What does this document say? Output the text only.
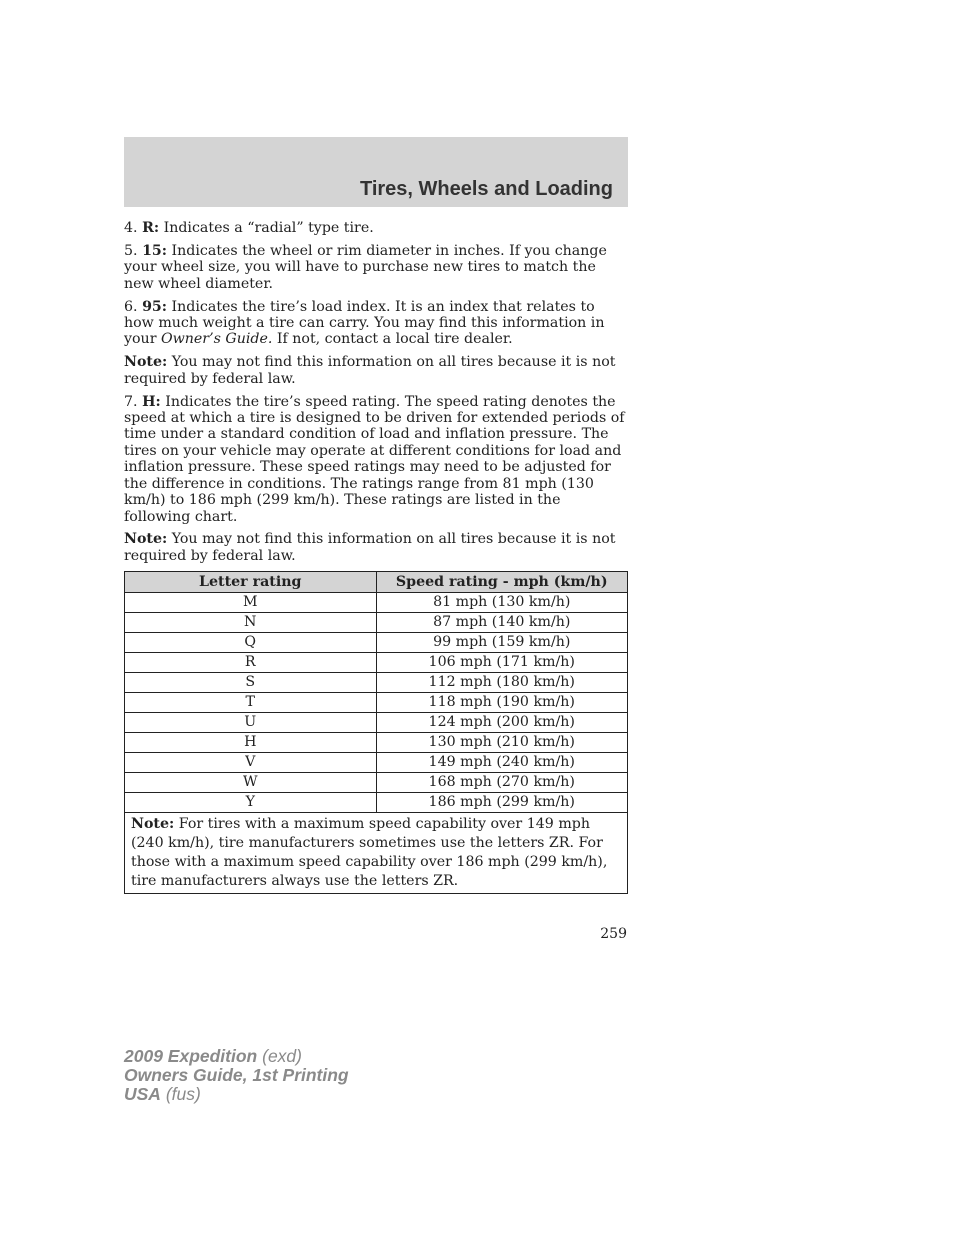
Tires, Wheels and Loading

4. R: Indicates a “radial” type tire.

5. 15: Indicates the wheel or rim diameter in inches. If you change your wheel size, you will have to purchase new tires to match the new wheel diameter.

6. 95: Indicates the tire’s load index. It is an index that relates to how much weight a tire can carry. You may find this information in your Owner’s Guide. If not, contact a local tire dealer.

Note: You may not find this information on all tires because it is not required by federal law.

7. H: Indicates the tire’s speed rating. The speed rating denotes the speed at which a tire is designed to be driven for extended periods of time under a standard condition of load and inflation pressure. The tires on your vehicle may operate at different conditions for load and inflation pressure. These speed ratings may need to be adjusted for the difference in conditions. The ratings range from 81 mph (130 km/h) to 186 mph (299 km/h). These ratings are listed in the following chart.

Note: You may not find this information on all tires because it is not required by federal law.

Letter rating	Speed rating - mph (km/h)
M	81 mph (130 km/h)
N	87 mph (140 km/h)
Q	99 mph (159 km/h)
R	106 mph (171 km/h)
S	112 mph (180 km/h)
T	118 mph (190 km/h)
U	124 mph (200 km/h)
H	130 mph (210 km/h)
V	149 mph (240 km/h)
W	168 mph (270 km/h)
Y	186 mph (299 km/h)
Note: For tires with a maximum speed capability over 149 mph (240 km/h), tire manufacturers sometimes use the letters ZR. For those with a maximum speed capability over 186 mph (299 km/h), tire manufacturers always use the letters ZR.	
259
2009 Expedition (exd)
Owners Guide, 1st Printing
USA (fus)
